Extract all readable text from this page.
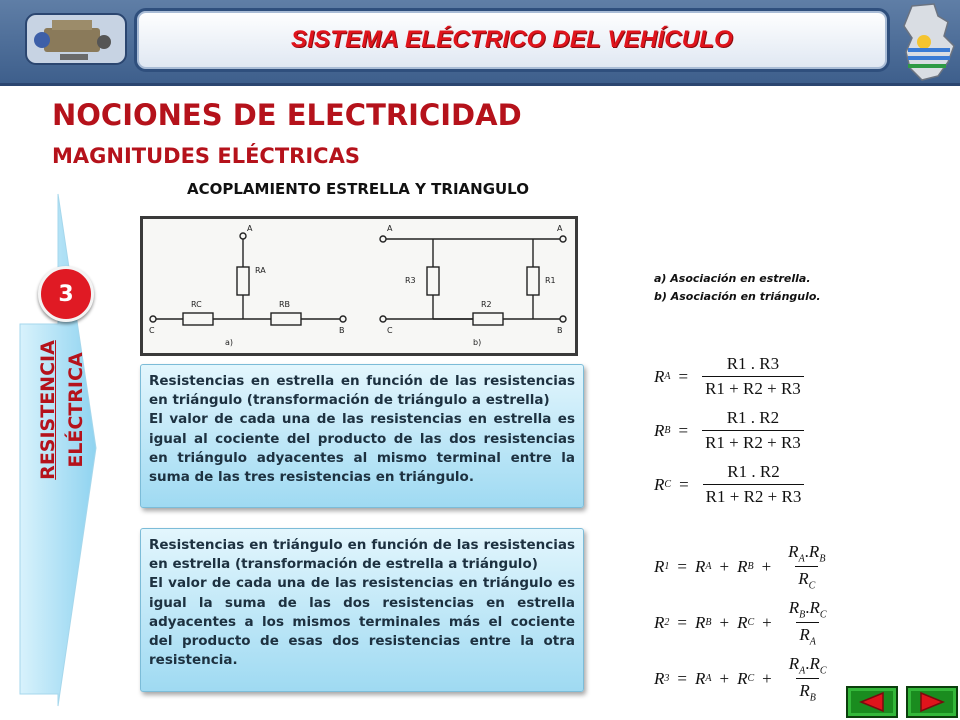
SISTEMA ELÉCTRICO DEL VEHÍCULO
NOCIONES DE ELECTRICIDAD
MAGNITUDES ELÉCTRICAS
ACOPLAMIENTO ESTRELLA Y TRIANGULO
RESISTENCIA ELÉCTRICA
3
A
RA
RC	RB
C	B
a)
A	A
R3
R2
R1
C	B
b)
a) Asociación en estrella.
b) Asociación en triángulo.

Resistencias en estrella en función de las resistencias en triángulo (transformación de triángulo a estrella)

El valor de cada una de las resistencias en estrella es igual al cociente del producto de las dos resistencias en triángulo adyacentes al mismo terminal entre la suma de las tres resistencias en triángulo.

Resistencias en triángulo en función de las resistencias en estrella (transformación de estrella a triángulo)

El valor de cada una de las resistencias en triángulo es igual la suma de las dos resistencias en estrella adyacentes a los mismos terminales más el cociente del producto de esas dos resistencias entre la otra resistencia.

R $A = \frac{R1 . R3}{R1 + R2 + R3}$
R $B = \frac{R1 . R2}{R1 + R2 + R3}$
R $C = \frac{R1 . R2}{R1 + R2 + R3}$
R 1 = R A + R $B + \frac{R_A.R_B}{R_C}$
R 2 = R B + R $C + \frac{R_B.R_C}{R_A}$
R 3 = R A + R $C + \frac{R_A.R_C}{R_B}$
